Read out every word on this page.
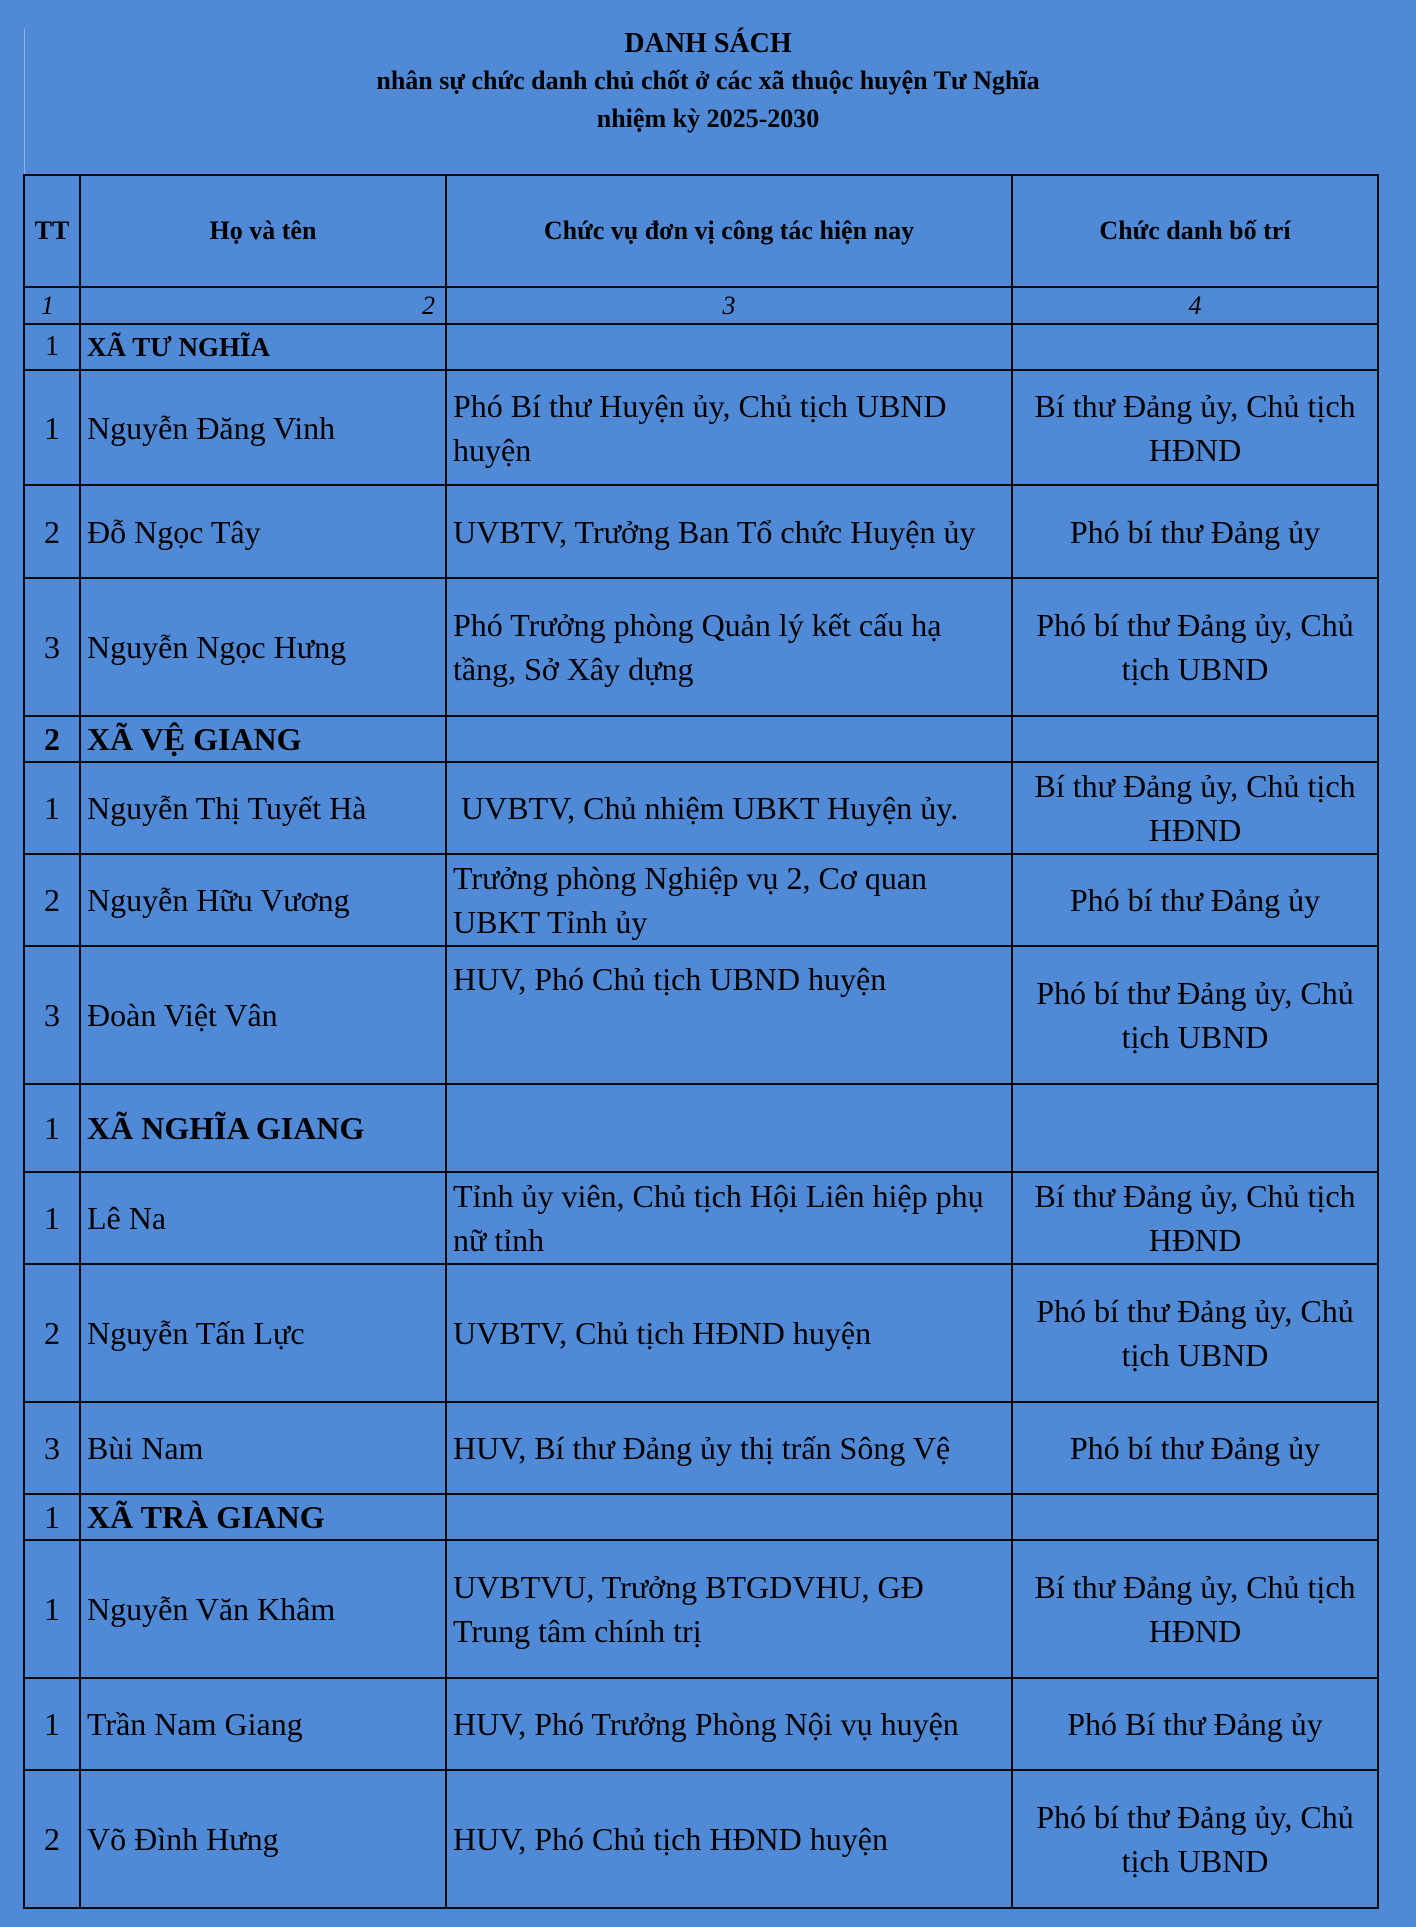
DANH SÁCH
nhân sự chức danh chủ chốt ở các xã thuộc huyện Tư Nghĩa
nhiệm kỳ 2025-2030
TT	Họ và tên	Chức vụ đơn vị công tác hiện nay	Chức danh bố trí
1	2	3	4
1	XÃ TƯ NGHĨA		
1	Nguyễn Đăng Vinh	Phó Bí thư Huyện ủy, Chủ tịch UBND huyện	Bí thư Đảng ủy, Chủ tịch HĐND
2	Đỗ Ngọc Tây	UVBTV, Trưởng Ban Tổ chức Huyện ủy	Phó bí thư Đảng ủy
3	Nguyễn Ngọc Hưng	Phó Trưởng phòng Quản lý kết cấu hạ tầng, Sở Xây dựng	Phó bí thư Đảng ủy, Chủ tịch UBND
2	XÃ VỆ GIANG		
1	Nguyễn Thị Tuyết Hà	UVBTV, Chủ nhiệm UBKT Huyện ủy.	Bí thư Đảng ủy, Chủ tịch HĐND
2	Nguyễn Hữu Vương	Trưởng phòng Nghiệp vụ 2, Cơ quan UBKT Tỉnh ủy	Phó bí thư Đảng ủy
3	Đoàn Việt Vân	HUV, Phó Chủ tịch UBND huyện	Phó bí thư Đảng ủy, Chủ tịch UBND
1	XÃ NGHĨA GIANG		
1	Lê Na	Tỉnh ủy viên, Chủ tịch Hội Liên hiệp phụ nữ tỉnh	Bí thư Đảng ủy, Chủ tịch HĐND
2	Nguyễn Tấn Lực	UVBTV, Chủ tịch HĐND huyện	Phó bí thư Đảng ủy, Chủ tịch UBND
3	Bùi Nam	HUV, Bí thư Đảng ủy thị trấn Sông Vệ	Phó bí thư Đảng ủy
1	XÃ TRÀ GIANG		
1	Nguyễn Văn Khâm	UVBTVU, Trưởng BTGDVHU, GĐ Trung tâm chính trị	Bí thư Đảng ủy, Chủ tịch HĐND
1	Trần Nam Giang	HUV, Phó Trưởng Phòng Nội vụ huyện	Phó Bí thư Đảng ủy
2	Võ Đình Hưng	HUV, Phó Chủ tịch HĐND huyện	Phó bí thư Đảng ủy, Chủ tịch UBND
